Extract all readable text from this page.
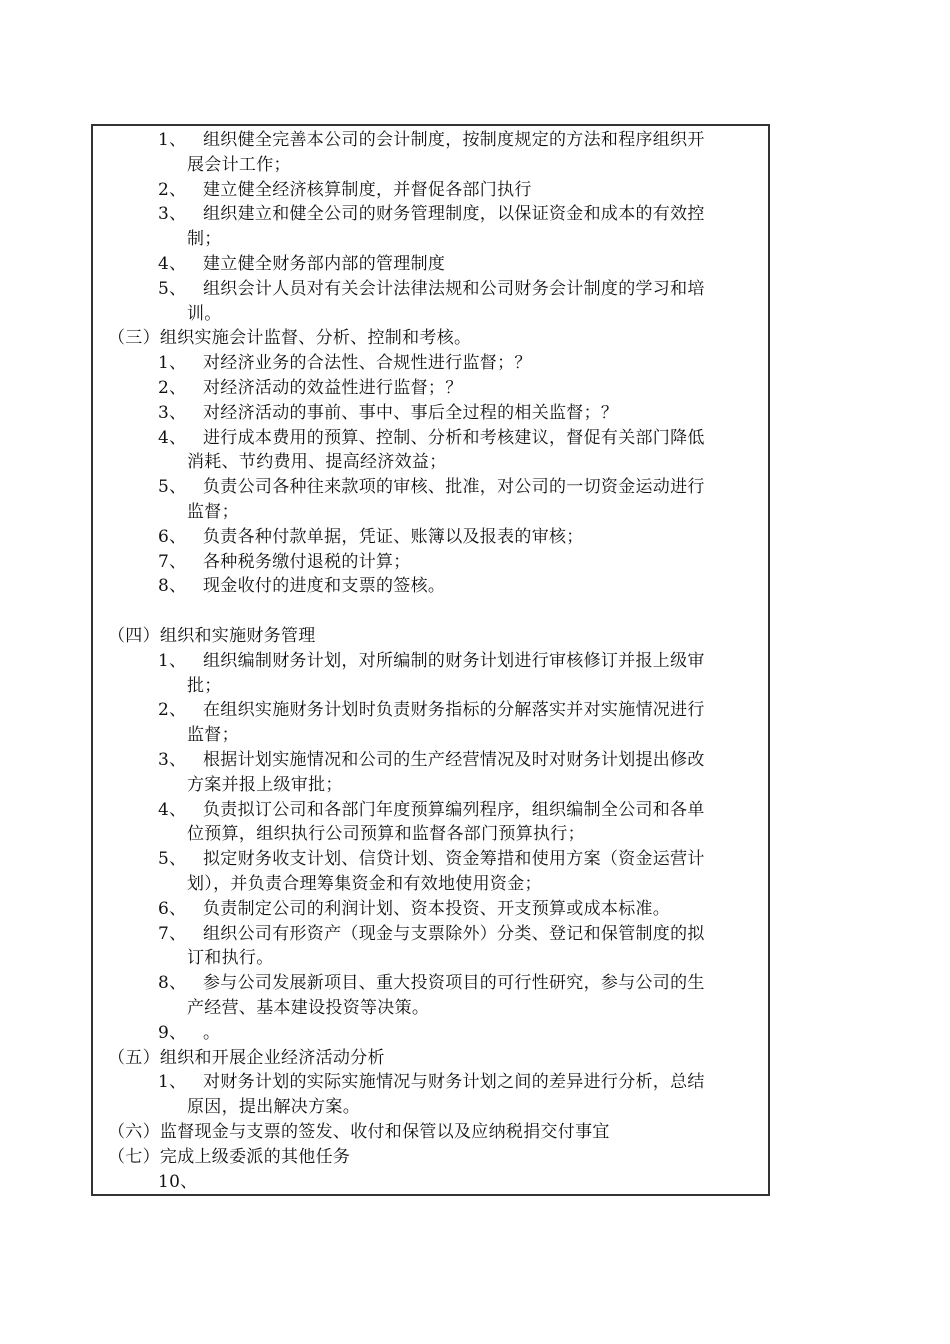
1、 组织健全完善本公司的会计制度，按制度规定的方法和程序组织开
展会计工作；
2、 建立健全经济核算制度，并督促各部门执行
3、 组织建立和健全公司的财务管理制度，以保证资金和成本的有效控
制；
4、 建立健全财务部内部的管理制度
5、 组织会计人员对有关会计法律法规和公司财务会计制度的学习和培
训。
（三）组织实施会计监督、分析、控制和考核。
1、 对经济业务的合法性、合规性进行监督；？
2、 对经济活动的效益性进行监督；？
3、 对经济活动的事前、事中、事后全过程的相关监督；？
4、 进行成本费用的预算、控制、分析和考核建议，督促有关部门降低
消耗、节约费用、提高经济效益；
5、 负责公司各种往来款项的审核、批准，对公司的一切资金运动进行
监督；
6、 负责各种付款单据，凭证、账簿以及报表的审核；
7、 各种税务缴付退税的计算；
8、 现金收付的进度和支票的签核。
（四）组织和实施财务管理
1、 组织编制财务计划，对所编制的财务计划进行审核修订并报上级审
批；
2、 在组织实施财务计划时负责财务指标的分解落实并对实施情况进行
监督；
3、 根据计划实施情况和公司的生产经营情况及时对财务计划提出修改
方案并报上级审批；
4、 负责拟订公司和各部门年度预算编列程序，组织编制全公司和各单
位预算，组织执行公司预算和监督各部门预算执行；
5、 拟定财务收支计划、信贷计划、资金筹措和使用方案（资金运营计
划），并负责合理筹集资金和有效地使用资金；
6、 负责制定公司的利润计划、资本投资、开支预算或成本标准。
7、 组织公司有形资产（现金与支票除外）分类、登记和保管制度的拟
订和执行。
8、 参与公司发展新项目、重大投资项目的可行性研究，参与公司的生
产经营、基本建设投资等决策。
9、 。
（五）组织和开展企业经济活动分析
1、 对财务计划的实际实施情况与财务计划之间的差异进行分析，总结
原因，提出解决方案。
（六）监督现金与支票的签发、收付和保管以及应纳税捐交付事宜
（七）完成上级委派的其他任务
10、
